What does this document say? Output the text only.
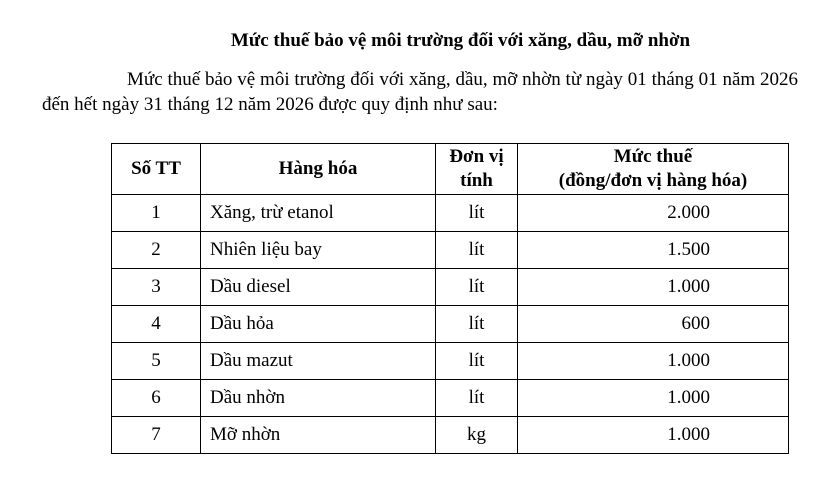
Mức thuế bảo vệ môi trường đối với xăng, dầu, mỡ nhờn

Mức thuế bảo vệ môi trường đối với xăng, dầu, mỡ nhờn từ ngày 01 tháng 01 năm 2026 đến hết ngày 31 tháng 12 năm 2026 được quy định như sau:

Số TT	Hàng hóa	Đơn vị tính	Mức thuế
(đồng/đơn vị hàng hóa)

1	Xăng, trừ etanol	lít	2.000
2	Nhiên liệu bay	lít	1.500
3	Dầu diesel	lít	1.000
4	Dầu hỏa	lít	600
5	Dầu mazut	lít	1.000
6	Dầu nhờn	lít	1.000
7	Mỡ nhờn	kg	1.000
